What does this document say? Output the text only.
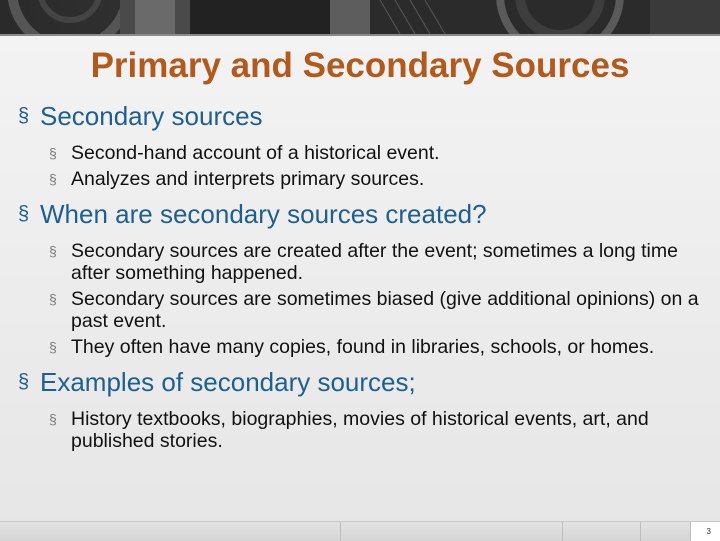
Primary and Secondary Sources
§ Secondary sources
§ Second-hand account of a historical event.
§ Analyzes and interprets primary sources.
§ When are secondary sources created?
§ Secondary sources are created after the event; sometimes a long time after something happened.
§ Secondary sources are sometimes biased (give additional opinions) on a past event.
§ They often have many copies, found in libraries, schools, or homes.
§ Examples of secondary sources;
§ History textbooks, biographies, movies of historical events, art, and published stories.
3
